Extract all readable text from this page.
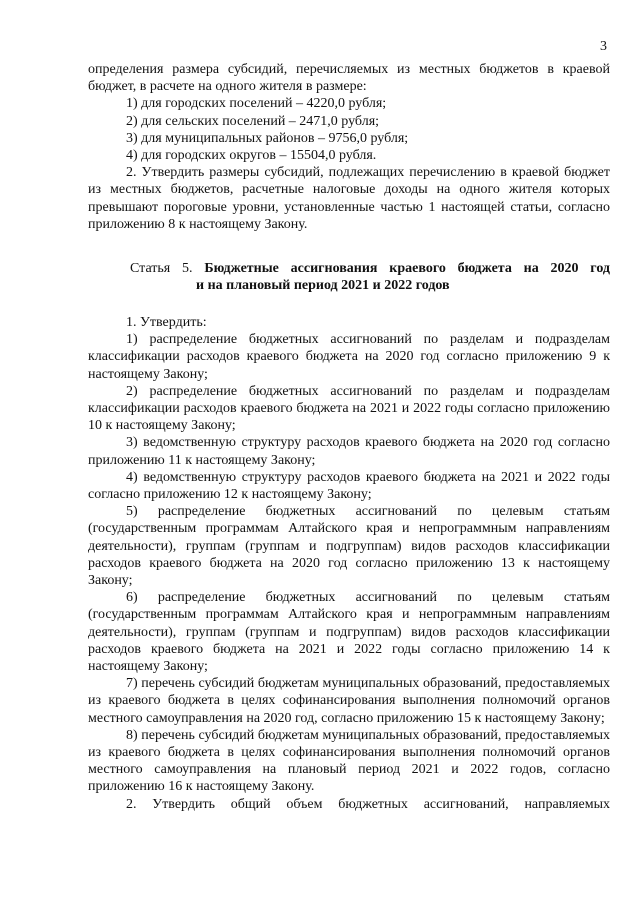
3

определения размера субсидий, перечисляемых из местных бюджетов в краевой бюджет, в расчете на одного жителя в размере:

1) для городских поселений – 4220,0 рубля;

2) для сельских поселений – 2471,0 рубля;

3) для муниципальных районов – 9756,0 рубля;

4) для городских округов – 15504,0 рубля.

2. Утвердить размеры субсидий, подлежащих перечислению в краевой бюджет из местных бюджетов, расчетные налоговые доходы на одного жителя которых превышают пороговые уровни, установленные частью 1 настоящей статьи, согласно приложению 8 к настоящему Закону.

Статья 5. Бюджетные ассигнования краевого бюджета на 2020 год
и на плановый период 2021 и 2022 годов

1. Утвердить:

1) распределение бюджетных ассигнований по разделам и подразделам классификации расходов краевого бюджета на 2020 год согласно приложению 9 к настоящему Закону;

2) распределение бюджетных ассигнований по разделам и подразделам классификации расходов краевого бюджета на 2021 и 2022 годы согласно приложению 10 к настоящему Закону;

3) ведомственную структуру расходов краевого бюджета на 2020 год согласно приложению 11 к настоящему Закону;

4) ведомственную структуру расходов краевого бюджета на 2021 и 2022 годы согласно приложению 12 к настоящему Закону;

5) распределение бюджетных ассигнований по целевым статьям (государственным программам Алтайского края и непрограммным направлениям деятельности), группам (группам и подгруппам) видов расходов классификации расходов краевого бюджета на 2020 год согласно приложению 13 к настоящему Закону;

6) распределение бюджетных ассигнований по целевым статьям (государственным программам Алтайского края и непрограммным направлениям деятельности), группам (группам и подгруппам) видов расходов классификации расходов краевого бюджета на 2021 и 2022 годы согласно приложению 14 к настоящему Закону;

7) перечень субсидий бюджетам муниципальных образований, предоставляемых из краевого бюджета в целях софинансирования выполнения полномочий органов местного самоуправления на 2020 год, согласно приложению 15 к настоящему Закону;

8) перечень субсидий бюджетам муниципальных образований, предоставляемых из краевого бюджета в целях софинансирования выполнения полномочий органов местного самоуправления на плановый период 2021 и 2022 годов, согласно приложению 16 к настоящему Закону.

2. Утвердить общий объем бюджетных ассигнований, направляемых
